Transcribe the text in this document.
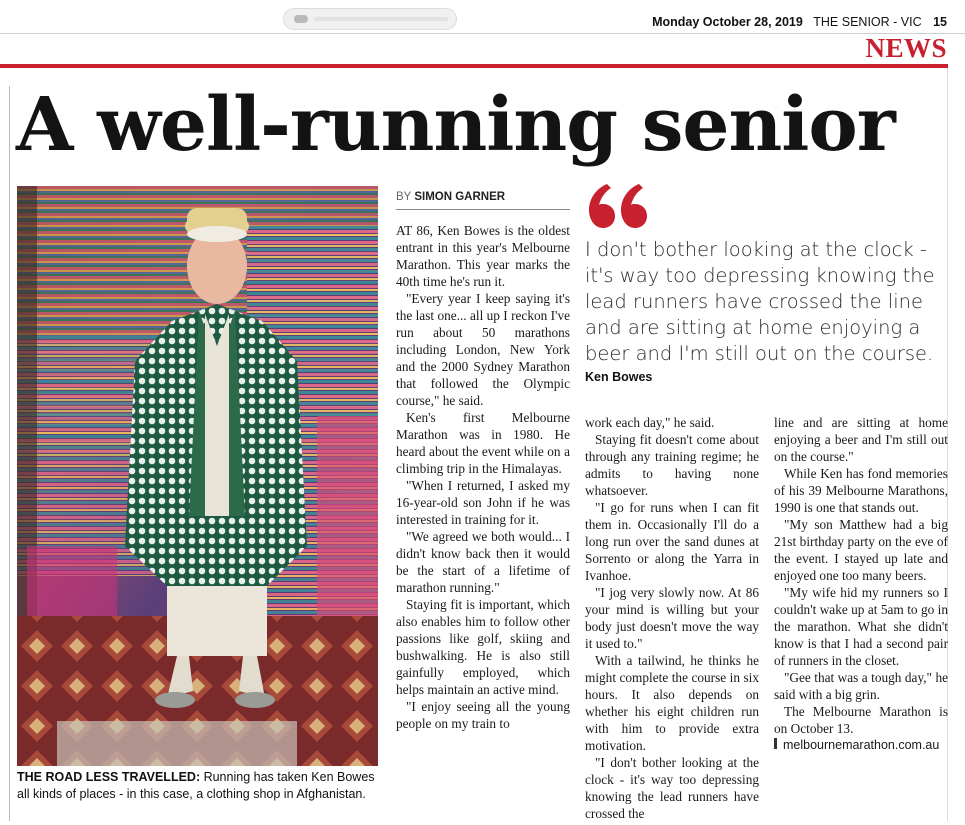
Monday October 28, 2019 THE SENIOR - VIC 15
NEWS
A well-running senior
THE ROAD LESS TRAVELLED: Running has taken Ken Bowes all kinds of places - in this case, a clothing shop in Afghanistan.
BY SIMON GARNER

AT 86, Ken Bowes is the oldest entrant in this year's Melbourne Marathon. This year marks the 40th time he's run it.

"Every year I keep saying it's the last one... all up I reckon I've run about 50 marathons including London, New York and the 2000 Sydney Marathon that followed the Olympic course," he said.

Ken's first Melbourne Marathon was in 1980. He heard about the event while on a climbing trip in the Himalayas.

"When I returned, I asked my 16-year-old son John if he was interested in training for it.

"We agreed we both would... I didn't know back then it would be the start of a lifetime of marathon running."

Staying fit is important, which also enables him to follow other passions like golf, skiing and bushwalking. He is also still gainfully employed, which helps maintain an active mind.

"I enjoy seeing all the young people on my train to

I don't bother looking at the clock - it's way too depressing knowing the lead runners have crossed the line and are sitting at home enjoying a beer and I'm still out on the course.
Ken Bowes

work each day," he said.

Staying fit doesn't come about through any training regime; he admits to having none whatsoever.

"I go for runs when I can fit them in. Occasionally I'll do a long run over the sand dunes at Sorrento or along the Yarra in Ivanhoe.

"I jog very slowly now. At 86 your mind is willing but your body just doesn't move the way it used to."

With a tailwind, he thinks he might complete the course in six hours. It also depends on whether his eight children run with him to provide extra motivation.

"I don't bother looking at the clock - it's way too depressing knowing the lead runners have crossed the

line and are sitting at home enjoying a beer and I'm still out on the course."

While Ken has fond memories of his 39 Melbourne Marathons, 1990 is one that stands out.

"My son Matthew had a big 21st birthday party on the eve of the event. I stayed up late and enjoyed one too many beers.

"My wife hid my runners so I couldn't wake up at 5am to go in the marathon. What she didn't know is that I had a second pair of runners in the closet.

"Gee that was a tough day," he said with a big grin.

The Melbourne Marathon is on October 13.

melbournemarathon.com.au
